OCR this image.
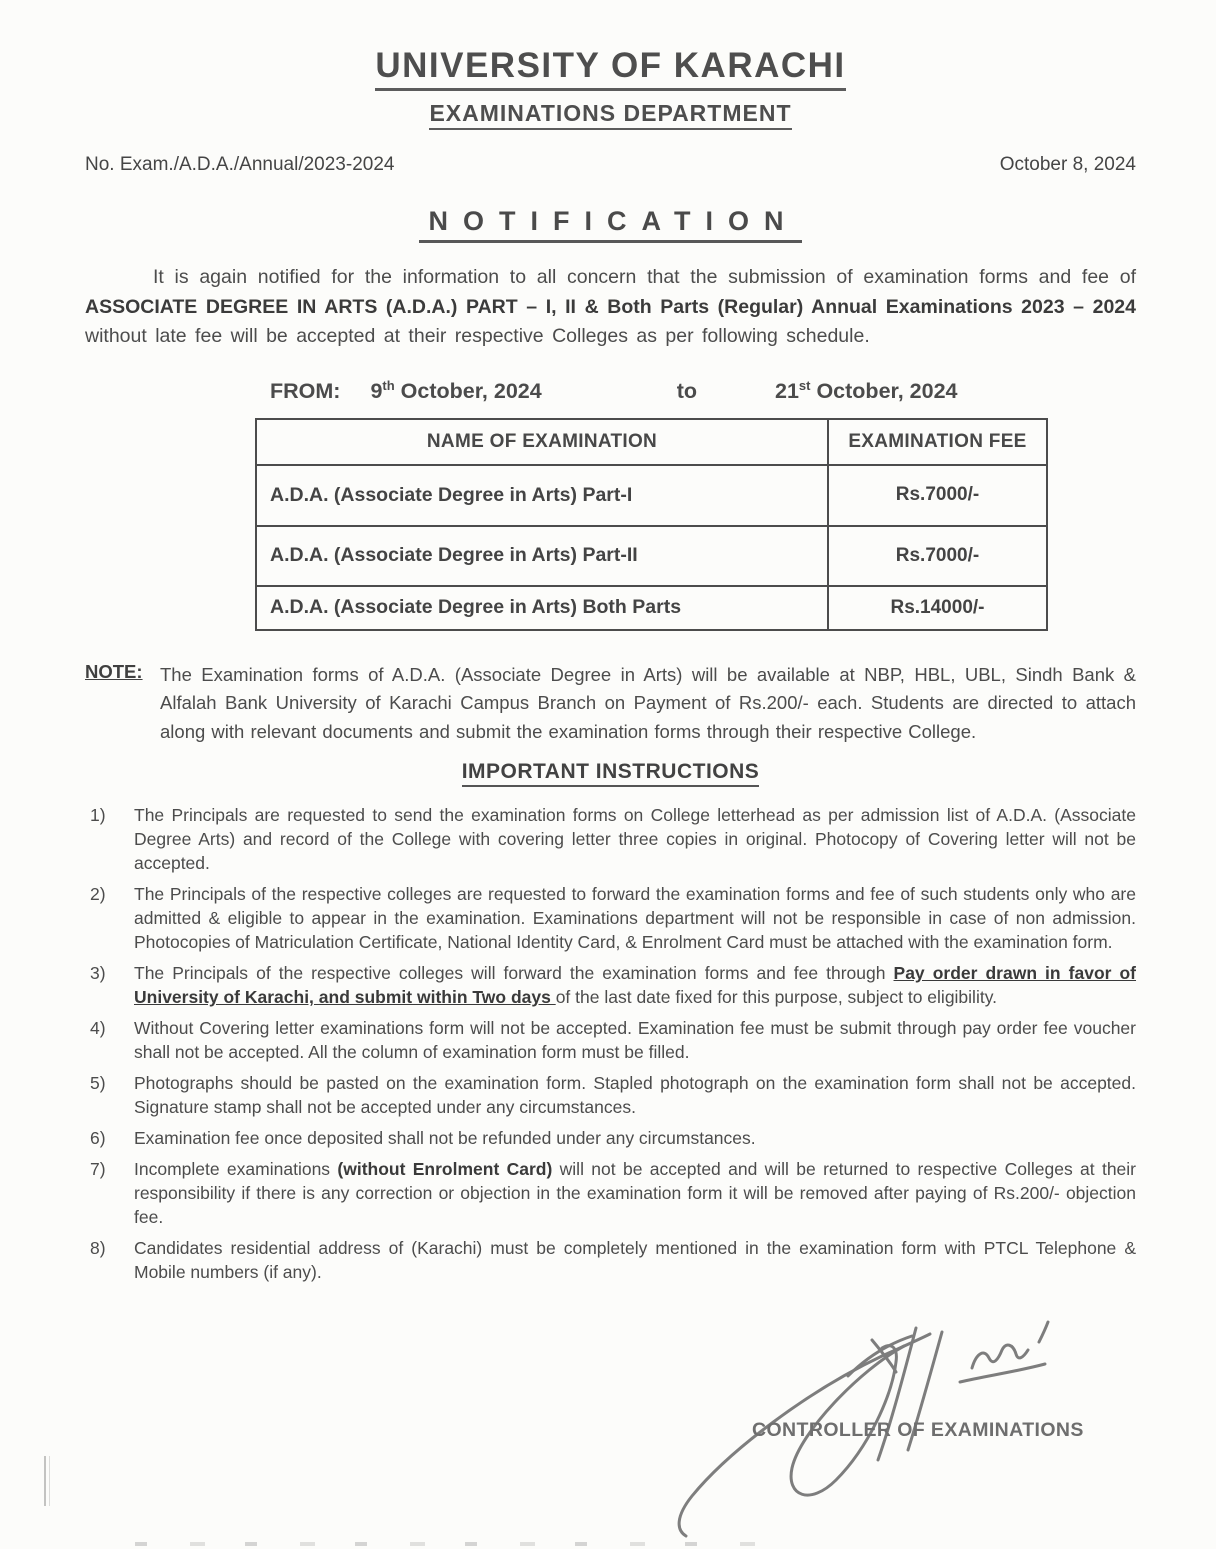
UNIVERSITY OF KARACHI
EXAMINATIONS DEPARTMENT
No. Exam./A.D.A./Annual/2023-2024	October 8, 2024
NOTIFICATION

It is again notified for the information to all concern that the submission of examination forms and fee of ASSOCIATE DEGREE IN ARTS (A.D.A.) PART – I, II & Both Parts (Regular) Annual Examinations 2023 – 2024 without late fee will be accepted at their respective Colleges as per following schedule.

FROM: 9th October, 2024	to	21st October, 2024
NAME OF EXAMINATION	EXAMINATION FEE
A.D.A. (Associate Degree in Arts) Part-I	Rs.7000/-
A.D.A. (Associate Degree in Arts) Part-II	Rs.7000/-
A.D.A. (Associate Degree in Arts) Both Parts	Rs.14000/-
NOTE: The Examination forms of A.D.A. (Associate Degree in Arts) will be available at NBP, HBL, UBL, Sindh Bank & Alfalah Bank University of Karachi Campus Branch on Payment of Rs.200/- each. Students are directed to attach along with relevant documents and submit the examination forms through their respective College.
IMPORTANT INSTRUCTIONS
1)	The Principals are requested to send the examination forms on College letterhead as per admission list of A.D.A. (Associate Degree Arts) and record of the College with covering letter three copies in original. Photocopy of Covering letter will not be accepted.
2)	The Principals of the respective colleges are requested to forward the examination forms and fee of such students only who are admitted & eligible to appear in the examination. Examinations department will not be responsible in case of non admission. Photocopies of Matriculation Certificate, National Identity Card, & Enrolment Card must be attached with the examination form.
3)	The Principals of the respective colleges will forward the examination forms and fee through Pay order drawn in favor of University of Karachi, and submit within Two days of the last date fixed for this purpose, subject to eligibility.
4)	Without Covering letter examinations form will not be accepted. Examination fee must be submit through pay order fee voucher shall not be accepted. All the column of examination form must be filled.
5)	Photographs should be pasted on the examination form. Stapled photograph on the examination form shall not be accepted. Signature stamp shall not be accepted under any circumstances.
6)	Examination fee once deposited shall not be refunded under any circumstances.
7)	Incomplete examinations (without Enrolment Card) will not be accepted and will be returned to respective Colleges at their responsibility if there is any correction or objection in the examination form it will be removed after paying of Rs.200/- objection fee.
8)	Candidates residential address of (Karachi) must be completely mentioned in the examination form with PTCL Telephone & Mobile numbers (if any).
CONTROLLER OF EXAMINATIONS
